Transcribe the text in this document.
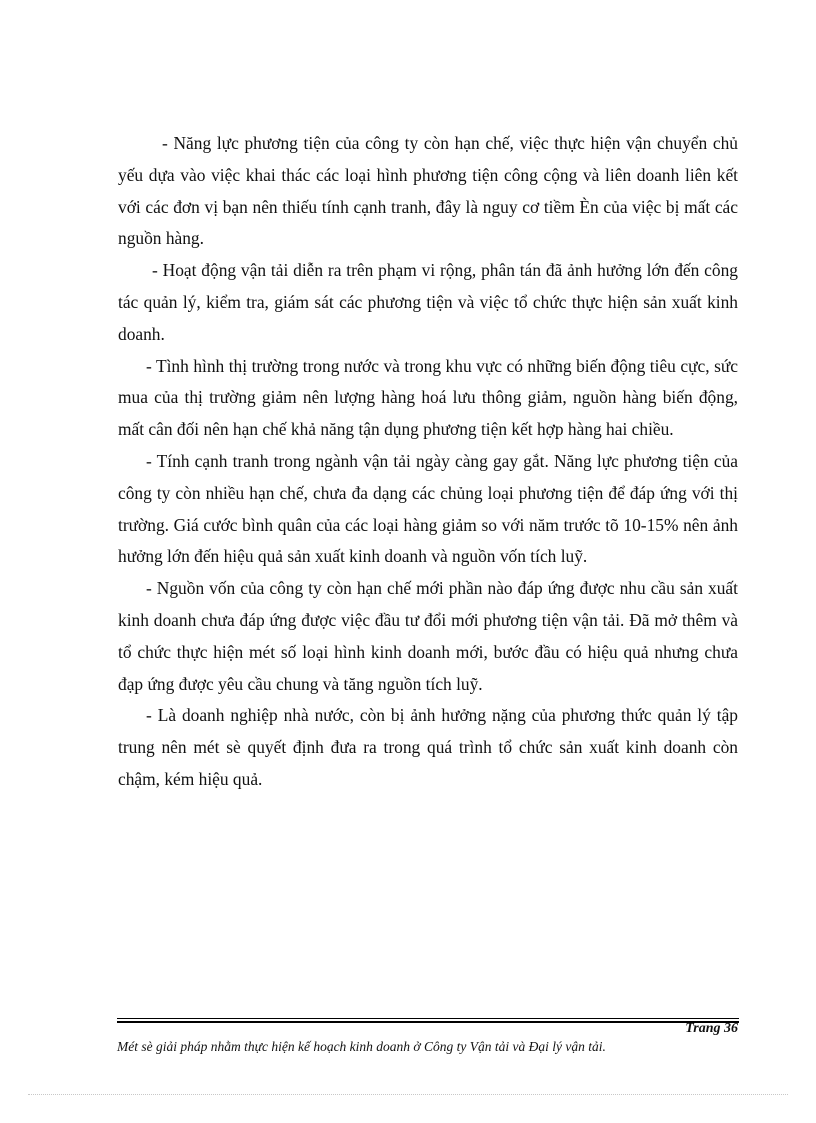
- Năng lực phương tiện của công ty còn hạn chế, việc thực hiện vận chuyển chủ yếu dựa vào việc khai thác các loại hình phương tiện công cộng và liên doanh liên kết với các đơn vị bạn nên thiếu tính cạnh tranh, đây là nguy cơ tiềm Èn của việc bị mất các nguồn hàng.

- Hoạt động vận tải diễn ra trên phạm vi rộng, phân tán đã ảnh hưởng lớn đến công tác quản lý, kiểm tra, giám sát các phương tiện và việc tổ chức thực hiện sản xuất kinh doanh.

- Tình hình thị trường trong nước và trong khu vực có những biến động tiêu cực, sức mua của thị trường giảm nên lượng hàng hoá lưu thông giảm, nguồn hàng biến động, mất cân đối nên hạn chế khả năng tận dụng phương tiện kết hợp hàng hai chiều.

- Tính cạnh tranh trong ngành vận tải ngày càng gay gắt. Năng lực phương tiện của công ty còn nhiều hạn chế, chưa đa dạng các chủng loại phương tiện để đáp ứng với thị trường. Giá cước bình quân của các loại hàng giảm so với năm trước tõ 10-15% nên ảnh hưởng lớn đến hiệu quả sản xuất kinh doanh và nguồn vốn tích luỹ.

- Nguồn vốn của công ty còn hạn chế mới phần nào đáp ứng được nhu cầu sản xuất kinh doanh chưa đáp ứng được việc đầu tư đổi mới phương tiện vận tải. Đã mở thêm và tổ chức thực hiện mét số loại hình kinh doanh mới, bước đầu có hiệu quả nhưng chưa đạp ứng được yêu cầu chung và tăng nguồn tích luỹ.

- Là doanh nghiệp nhà nước, còn bị ảnh hưởng nặng của phương thức quản lý tập trung nên mét sè quyết định đưa ra trong quá trình tổ chức sản xuất kinh doanh còn chậm, kém hiệu quả.

Trang 36
Mét sè giải pháp nhằm thực hiện kế hoạch kinh doanh ở Công ty Vận tải và Đại lý vận tải.
